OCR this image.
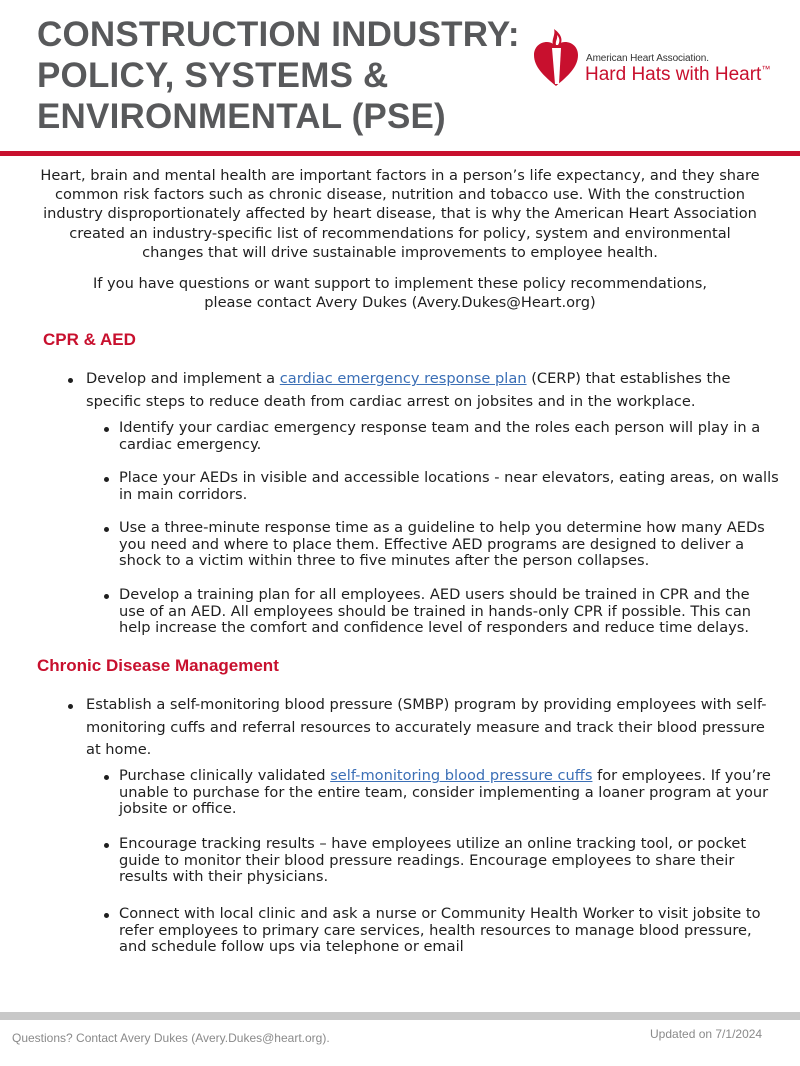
CONSTRUCTION INDUSTRY:
POLICY, SYSTEMS &
ENVIRONMENTAL (PSE)
American Heart Association.
Hard Hats with Heart™

Heart, brain and mental health are important factors in a person’s life expectancy, and they share common risk factors such as chronic disease, nutrition and tobacco use. With the construction industry disproportionately affected by heart disease, that is why the American Heart Association created an industry-specific list of recommendations for policy, system and environmental changes that will drive sustainable improvements to employee health.

If you have questions or want support to implement these policy recommendations,
please contact Avery Dukes (Avery.Dukes@Heart.org)

CPR & AED

Develop and implement a cardiac emergency response plan (CERP) that establishes the specific steps to reduce death from cardiac arrest on jobsites and in the workplace.

Identify your cardiac emergency response team and the roles each person will play in a cardiac emergency.

Place your AEDs in visible and accessible locations - near elevators, eating areas, on walls in main corridors.

Use a three-minute response time as a guideline to help you determine how many AEDs you need and where to place them. Effective AED programs are designed to deliver a shock to a victim within three to five minutes after the person collapses.

Develop a training plan for all employees. AED users should be trained in CPR and the use of an AED. All employees should be trained in hands-only CPR if possible. This can help increase the comfort and confidence level of responders and reduce time delays.

Chronic Disease Management

Establish a self-monitoring blood pressure (SMBP) program by providing employees with self-monitoring cuffs and referral resources to accurately measure and track their blood pressure at home.

Purchase clinically validated self-monitoring blood pressure cuffs for employees. If you’re unable to purchase for the entire team, consider implementing a loaner program at your jobsite or office.

Encourage tracking results – have employees utilize an online tracking tool, or pocket guide to monitor their blood pressure readings. Encourage employees to share their results with their physicians.

Connect with local clinic and ask a nurse or Community Health Worker to visit jobsite to refer employees to primary care services, health resources to manage blood pressure, and schedule follow ups via telephone or email

Questions? Contact Avery Dukes (Avery.Dukes@heart.org).	Updated on 7/1/2024
